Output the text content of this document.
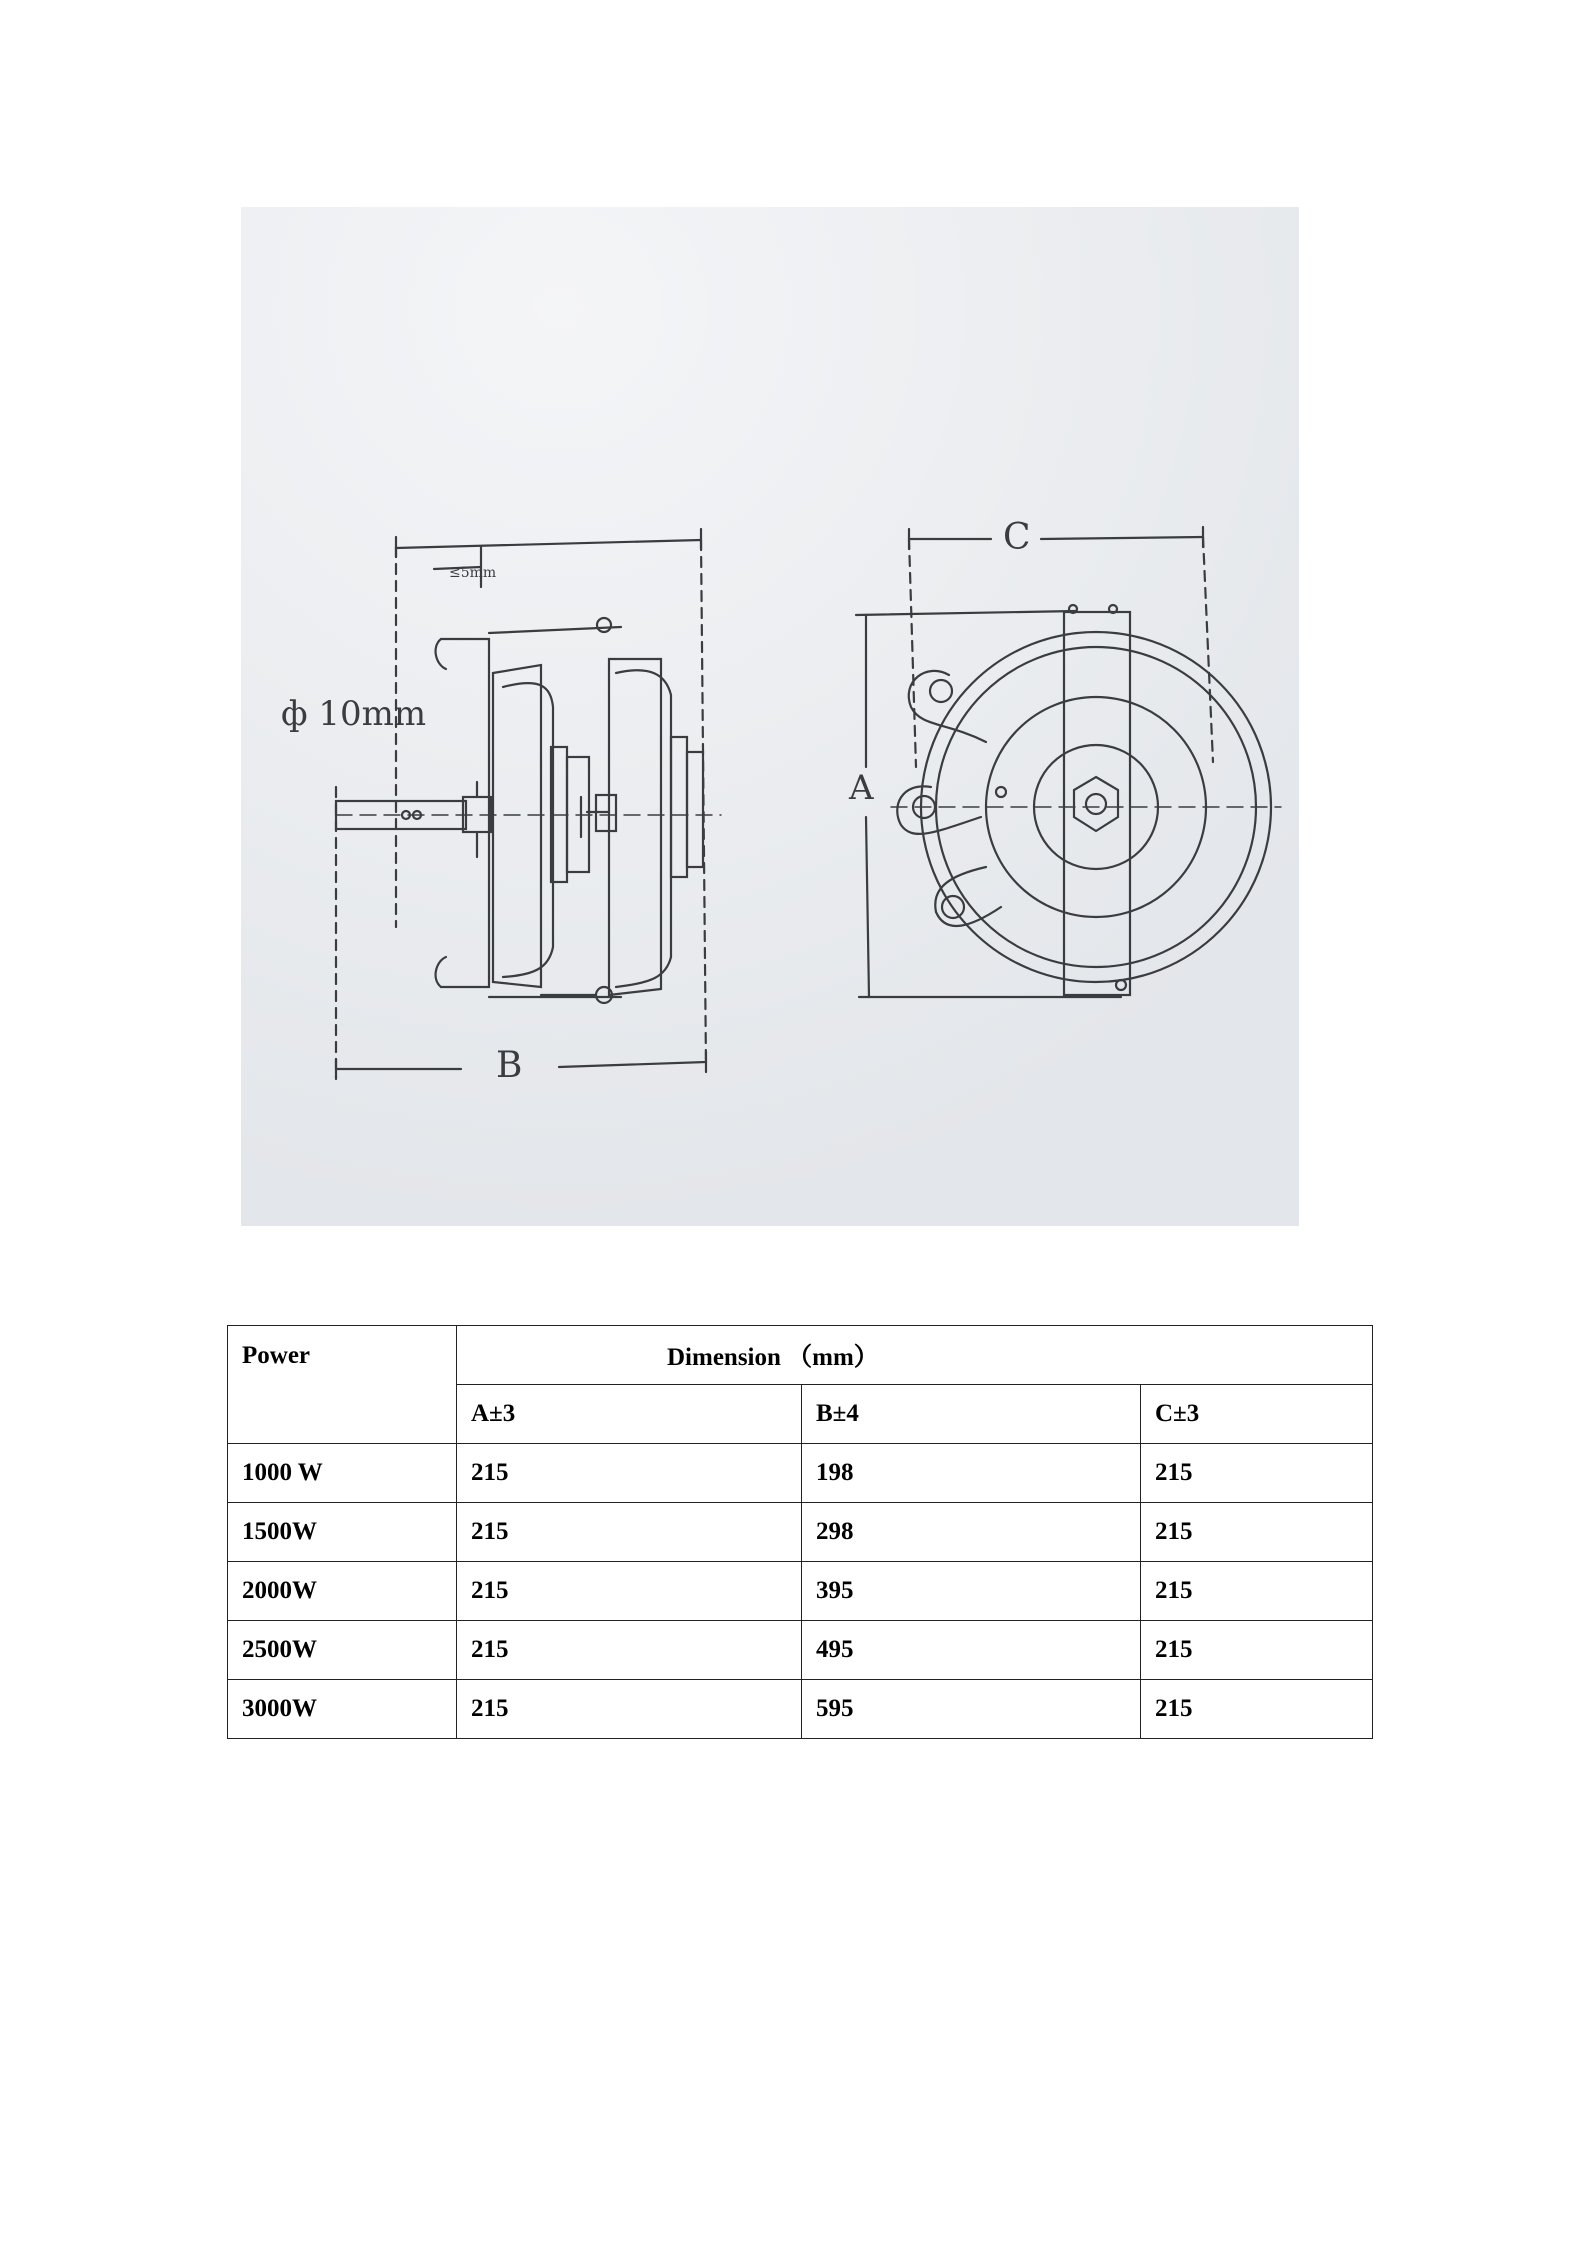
ф 10mm
≤5mm
B
A
C
Power	Dimension （mm）		
	A±3	B±4	C±3
1000 W	215	198	215
1500W	215	298	215
2000W	215	395	215
2500W	215	495	215
3000W	215	595	215
